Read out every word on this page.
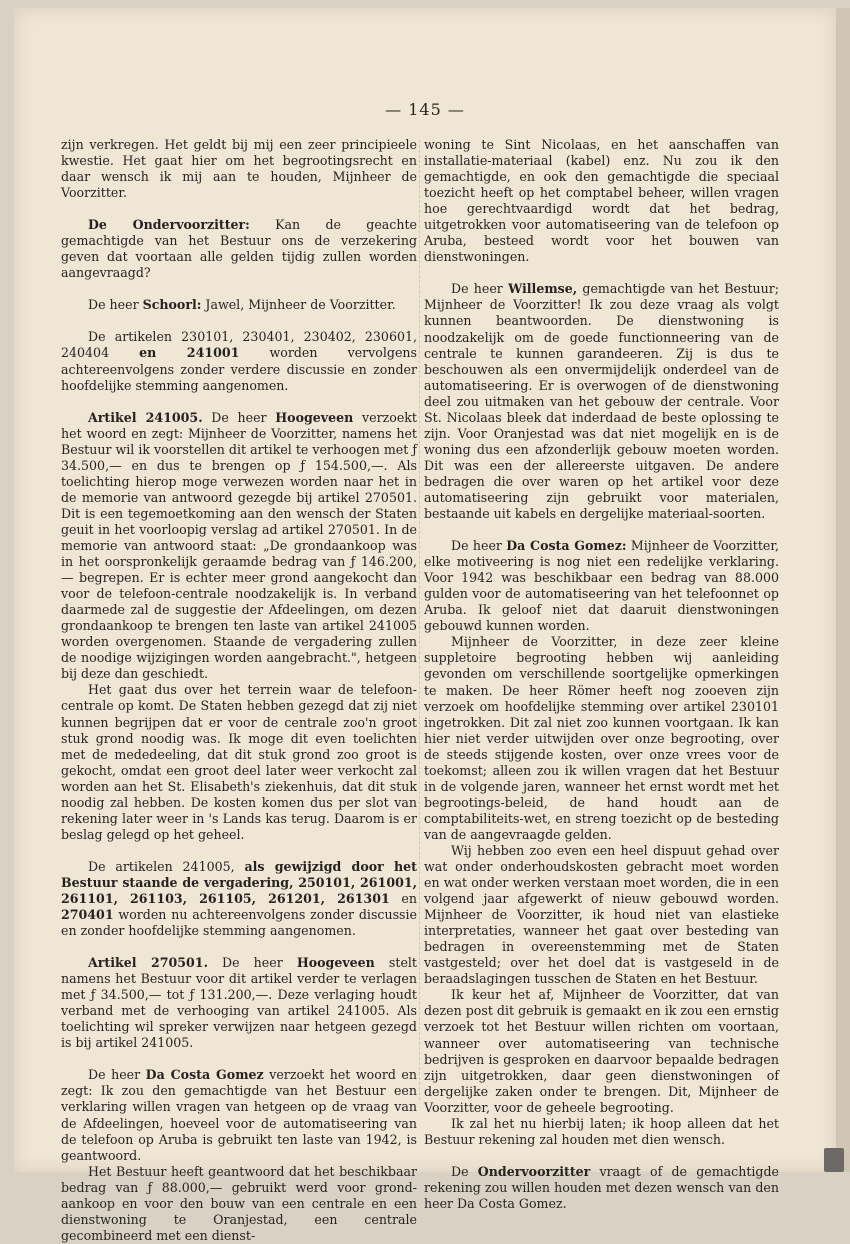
— 145 —

zijn verkregen. Het geldt bij mij een zeer principieele kwestie. Het gaat hier om het begrootingsrecht en daar wensch ik mij aan te houden, Mijnheer de Voorzitter.

De Ondervoorzitter: Kan de geachte gemachtigde van het Bestuur ons de verzekering geven dat voortaan alle gelden tijdig zullen worden aangevraagd?

De heer Schoorl: Jawel, Mijnheer de Voorzitter.

De artikelen 230101, 230401, 230402, 230601, 240404 en 241001 worden vervolgens achtereenvolgens zonder verdere discussie en zonder hoofdelijke stemming aangenomen.

Artikel 241005. De heer Hoogeveen verzoekt het woord en zegt: Mijnheer de Voorzitter, namens het Bestuur wil ik voorstellen dit artikel te verhoogen met ƒ 34.500,— en dus te brengen op ƒ 154.500,—. Als toelichting hierop moge verwezen worden naar het in de memorie van antwoord gezegde bij artikel 270501. Dit is een tegemoetkoming aan den wensch der Staten geuit in het voorloopig verslag ad artikel 270501. In de memorie van antwoord staat: „De grondaankoop was in het oorspronkelijk geraamde bedrag van ƒ 146.200,— begrepen. Er is echter meer grond aangekocht dan voor de telefoon-centrale noodzakelijk is. In verband daarmede zal de suggestie der Afdeelingen, om dezen grondaankoop te brengen ten laste van artikel 241005 worden overgenomen. Staande de vergadering zullen de noodige wijzigingen worden aangebracht.", hetgeen bij deze dan geschiedt.

Het gaat dus over het terrein waar de telefoon-centrale op komt. De Staten hebben gezegd dat zij niet kunnen begrijpen dat er voor de centrale zoo'n groot stuk grond noodig was. Ik moge dit even toelichten met de mededeeling, dat dit stuk grond zoo groot is gekocht, omdat een groot deel later weer verkocht zal worden aan het St. Elisabeth's ziekenhuis, dat dit stuk noodig zal hebben. De kosten komen dus per slot van rekening later weer in 's Lands kas terug. Daarom is er beslag gelegd op het geheel.

De artikelen 241005, als gewijzigd door het Bestuur staande de vergadering, 250101, 261001, 261101, 261103, 261105, 261201, 261301 en 270401 worden nu achtereenvolgens zonder discussie en zonder hoofdelijke stemming aangenomen.

Artikel 270501. De heer Hoogeveen stelt namens het Bestuur voor dit artikel verder te verlagen met ƒ 34.500,— tot ƒ 131.200,—. Deze verlaging houdt verband met de verhooging van artikel 241005. Als toelichting wil spreker verwijzen naar hetgeen gezegd is bij artikel 241005.

De heer Da Costa Gomez verzoekt het woord en zegt: Ik zou den gemachtigde van het Bestuur een verklaring willen vragen van hetgeen op de vraag van de Afdeelingen, hoeveel voor de automatiseering van de telefoon op Aruba is gebruikt ten laste van 1942, is geantwoord.

Het Bestuur heeft geantwoord dat het beschikbaar bedrag van ƒ 88.000,— gebruikt werd voor grond-aankoop en voor den bouw van een centrale en een dienstwoning te Oranjestad, een centrale gecombineerd met een dienst-

woning te Sint Nicolaas, en het aanschaffen van installatie-materiaal (kabel) enz. Nu zou ik den gemachtigde, en ook den gemachtigde die speciaal toezicht heeft op het comptabel beheer, willen vragen hoe gerechtvaardigd wordt dat het bedrag, uitgetrokken voor automatiseering van de telefoon op Aruba, besteed wordt voor het bouwen van dienstwoningen.

De heer Willemse, gemachtigde van het Bestuur; Mijnheer de Voorzitter! Ik zou deze vraag als volgt kunnen beantwoorden. De dienstwoning is noodzakelijk om de goede functionneering van de centrale te kunnen garandeeren. Zij is dus te beschouwen als een onvermijdelijk onderdeel van de automatiseering. Er is overwogen of de dienstwoning deel zou uitmaken van het gebouw der centrale. Voor St. Nicolaas bleek dat inderdaad de beste oplossing te zijn. Voor Oranjestad was dat niet mogelijk en is de woning dus een afzonderlijk gebouw moeten worden. Dit was een der allereerste uitgaven. De andere bedragen die over waren op het artikel voor deze automatiseering zijn gebruikt voor materialen, bestaande uit kabels en dergelijke materiaal-soorten.

De heer Da Costa Gomez: Mijnheer de Voorzitter, elke motiveering is nog niet een redelijke verklaring. Voor 1942 was beschikbaar een bedrag van 88.000 gulden voor de automatiseering van het telefoonnet op Aruba. Ik geloof niet dat daaruit dienstwoningen gebouwd kunnen worden.

Mijnheer de Voorzitter, in deze zeer kleine suppletoire begrooting hebben wij aanleiding gevonden om verschillende soortgelijke opmerkingen te maken. De heer Römer heeft nog zooeven zijn verzoek om hoofdelijke stemming over artikel 230101 ingetrokken. Dit zal niet zoo kunnen voortgaan. Ik kan hier niet verder uitwijden over onze begrooting, over de steeds stijgende kosten, over onze vrees voor de toekomst; alleen zou ik willen vragen dat het Bestuur in de volgende jaren, wanneer het ernst wordt met het begrootings-beleid, de hand houdt aan de comptabiliteits-wet, en streng toezicht op de besteding van de aangevraagde gelden.

Wij hebben zoo even een heel dispuut gehad over wat onder onderhoudskosten gebracht moet worden en wat onder werken verstaan moet worden, die in een volgend jaar afgewerkt of nieuw gebouwd worden. Mijnheer de Voorzitter, ik houd niet van elastieke interpretaties, wanneer het gaat over besteding van bedragen in overeenstemming met de Staten vastgesteld; over het doel dat is vastgeseld in de beraadslagingen tusschen de Staten en het Bestuur.

Ik keur het af, Mijnheer de Voorzitter, dat van dezen post dit gebruik is gemaakt en ik zou een ernstig verzoek tot het Bestuur willen richten om voortaan, wanneer over automatiseering van technische bedrijven is gesproken en daarvoor bepaalde bedragen zijn uitgetrokken, daar geen dienstwoningen of dergelijke zaken onder te brengen. Dit, Mijnheer de Voorzitter, voor de geheele begrooting.

Ik zal het nu hierbij laten; ik hoop alleen dat het Bestuur rekening zal houden met dien wensch.

De Ondervoorzitter vraagt of de gemachtigde rekening zou willen houden met dezen wensch van den heer Da Costa Gomez.
